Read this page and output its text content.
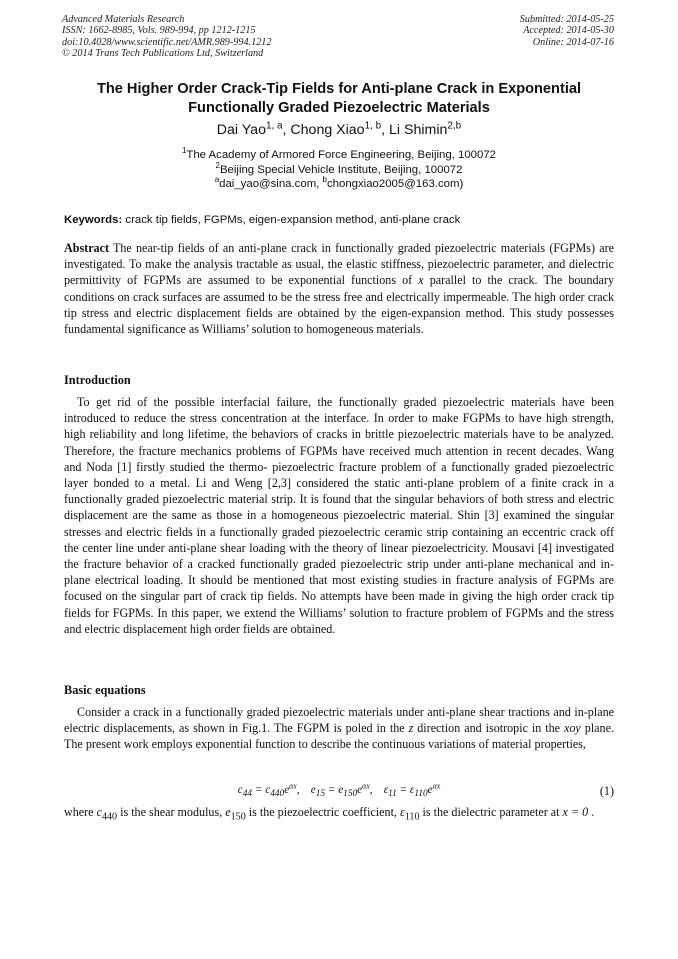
Advanced Materials Research
ISSN: 1662-8985, Vols. 989-994, pp 1212-1215
doi:10.4028/www.scientific.net/AMR.989-994.1212
© 2014 Trans Tech Publications Ltd, Switzerland
Submitted: 2014-05-25
Accepted: 2014-05-30
Online: 2014-07-16
The Higher Order Crack-Tip Fields for Anti-plane Crack in Exponential
Functionally Graded Piezoelectric Materials
Dai Yao$^{1, a}$, Chong Xiao$^{1, b}$, Li Shimin$^{2,b}$
$^1$The Academy of Armored Force Engineering, Beijing, 100072
$^2$Beijing Special Vehicle Institute, Beijing, 100072
$^a$dai_yao@sina.com, $^b$chongxiao2005@163.com)
Keywords: crack tip fields, FGPMs, eigen-expansion method, anti-plane crack
Abstract The near-tip fields of an anti-plane crack in functionally graded piezoelectric materials (FGPMs) are investigated. To make the analysis tractable as usual, the elastic stiffness, piezoelectric parameter, and dielectric permittivity of FGPMs are assumed to be exponential functions of x parallel to the crack. The boundary conditions on crack surfaces are assumed to be the stress free and electrically impermeable. The high order crack tip stress and electric displacement fields are obtained by the eigen-expansion method. This study possesses fundamental significance as Williams’ solution to homogeneous materials.
Introduction
To get rid of the possible interfacial failure, the functionally graded piezoelectric materials have been introduced to reduce the stress concentration at the interface. In order to make FGPMs to have high strength, high reliability and long lifetime, the behaviors of cracks in brittle piezoelectric materials have to be analyzed. Therefore, the fracture mechanics problems of FGPMs have received much attention in recent decades. Wang and Noda [1] firstly studied the thermo- piezoelectric fracture problem of a functionally graded piezoelectric layer bonded to a metal. Li and Weng [2,3] considered the static anti-plane problem of a finite crack in a functionally graded piezoelectric material strip. It is found that the singular behaviors of both stress and electric displacement are the same as those in a homogeneous piezoelectric material. Shin [3] examined the singular stresses and electric fields in a functionally graded piezoelectric ceramic strip containing an eccentric crack off the center line under anti-plane shear loading with the theory of linear piezoelectricity. Mousavi [4] investigated the fracture behavior of a cracked functionally graded piezoelectric strip under anti-plane mechanical and in-plane electrical loading. It should be mentioned that most existing studies in fracture analysis of FGPMs are focused on the singular part of crack tip fields. No attempts have been made in giving the high order crack tip fields for FGPMs. In this paper, we extend the Williams’ solution to fracture problem of FGPMs and the stress and electric displacement high order fields are obtained.
Basic equations
Consider a crack in a functionally graded piezoelectric materials under anti-plane shear tractions and in-plane electric displacements, as shown in Fig.1. The FGPM is poled in the z direction and isotropic in the xoy plane. The present work employs exponential function to describe the continuous variations of material properties,
$c_{44} = c_{440}e^{\alpha x}$,    $e_{15} = e_{150}e^{\alpha x}$,    $\varepsilon_{11} = \varepsilon_{110}e^{\alpha x}$	(1)
where $c_{440}$ is the shear modulus, $e_{150}$ is the piezoelectric coefficient, $\varepsilon_{110}$ is the dielectric parameter at x = 0 .
